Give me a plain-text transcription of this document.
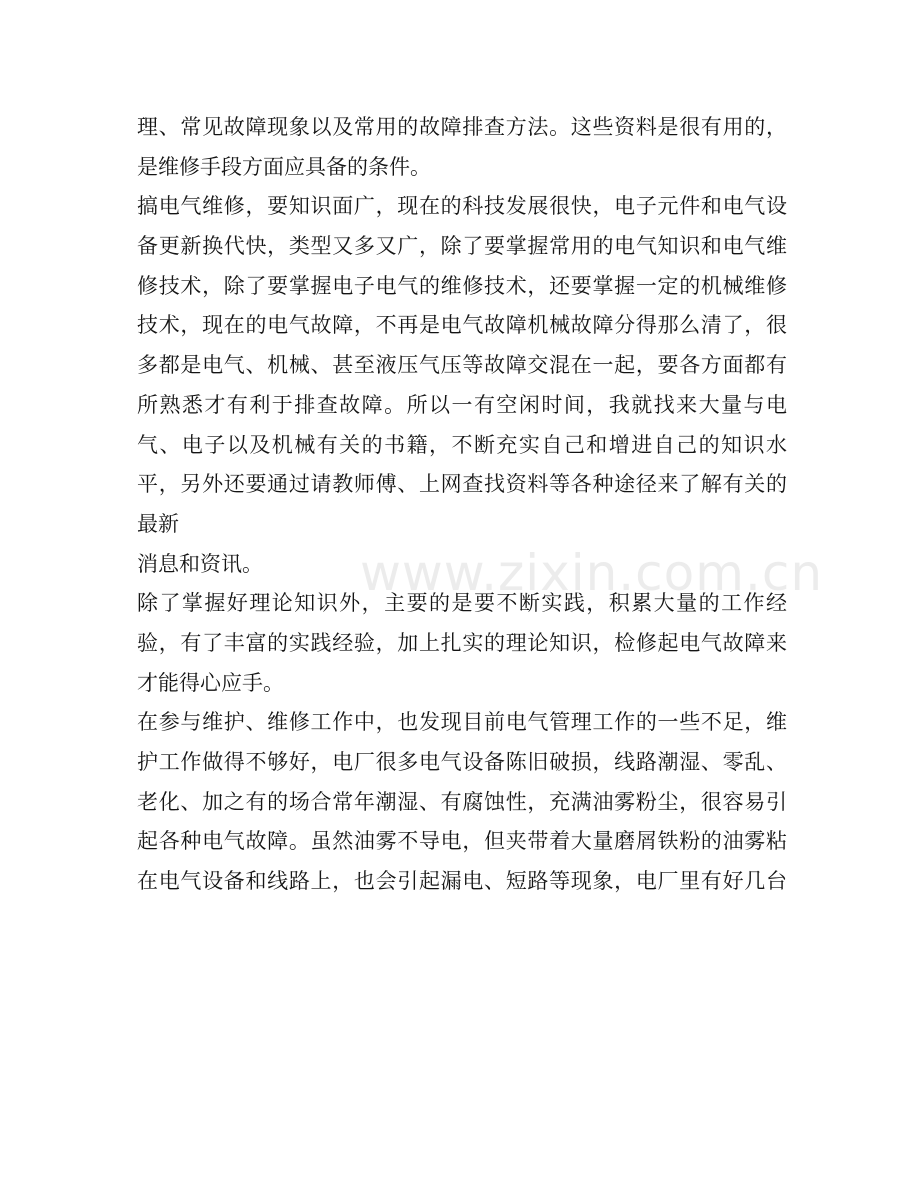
理、常见故障现象以及常用的故障排查方法。这些资料是很有用的，
是维修手段方面应具备的条件。
搞电气维修，要知识面广，现在的科技发展很快，电子元件和电气设
备更新换代快，类型又多又广，除了要掌握常用的电气知识和电气维
修技术，除了要掌握电子电气的维修技术，还要掌握一定的机械维修
技术，现在的电气故障，不再是电气故障机械故障分得那么清了，很
多都是电气、机械、甚至液压气压等故障交混在一起，要各方面都有
所熟悉才有利于排查故障。所以一有空闲时间，我就找来大量与电
气、电子以及机械有关的书籍，不断充实自己和增进自己的知识水
平，另外还要通过请教师傅、上网查找资料等各种途径来了解有关的
最新
消息和资讯。
除了掌握好理论知识外，主要的是要不断实践，积累大量的工作经
验，有了丰富的实践经验，加上扎实的理论知识，检修起电气故障来
才能得心应手。
在参与维护、维修工作中，也发现目前电气管理工作的一些不足，维
护工作做得不够好，电厂很多电气设备陈旧破损，线路潮湿、零乱、
老化、加之有的场合常年潮湿、有腐蚀性，充满油雾粉尘，很容易引
起各种电气故障。虽然油雾不导电，但夹带着大量磨屑铁粉的油雾粘
在电气设备和线路上，也会引起漏电、短路等现象，电厂里有好几台
www.zixin.com.cn
